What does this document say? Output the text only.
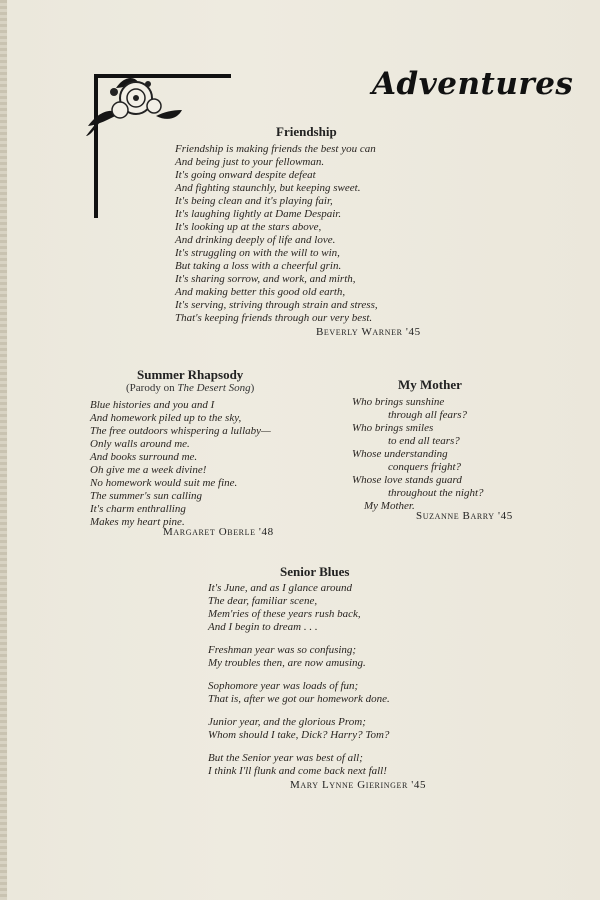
Adventures
Friendship
Friendship is making friends the best you can
And being just to your fellowman.
It's going onward despite defeat
And fighting staunchly, but keeping sweet.
It's being clean and it's playing fair,
It's laughing lightly at Dame Despair.
It's looking up at the stars above,
And drinking deeply of life and love.
It's struggling on with the will to win,
But taking a loss with a cheerful grin.
It's sharing sorrow, and work, and mirth,
And making better this good old earth,
It's serving, striving through strain and stress,
That's keeping friends through our very best.
Beverly Warner '45
Summer Rhapsody
(Parody on The Desert Song)
Blue histories and you and I
And homework piled up to the sky,
The free outdoors whispering a lullaby—
Only walls around me.
And books surround me.
Oh give me a week divine!
No homework would suit me fine.
The summer's sun calling
It's charm enthralling
Makes my heart pine.
Margaret Oberle '48
My Mother
Who brings sunshine
through all fears?
Who brings smiles
to end all tears?
Whose understanding
conquers fright?
Whose love stands guard
throughout the night?
My Mother.
Suzanne Barry '45
Senior Blues
It's June, and as I glance around
The dear, familiar scene,
Mem'ries of these years rush back,
And I begin to dream . . .
Freshman year was so confusing;
My troubles then, are now amusing.
Sophomore year was loads of fun;
That is, after we got our homework done.
Junior year, and the glorious Prom;
Whom should I take, Dick? Harry? Tom?
But the Senior year was best of all;
I think I'll flunk and come back next fall!
Mary Lynne Gieringer '45
